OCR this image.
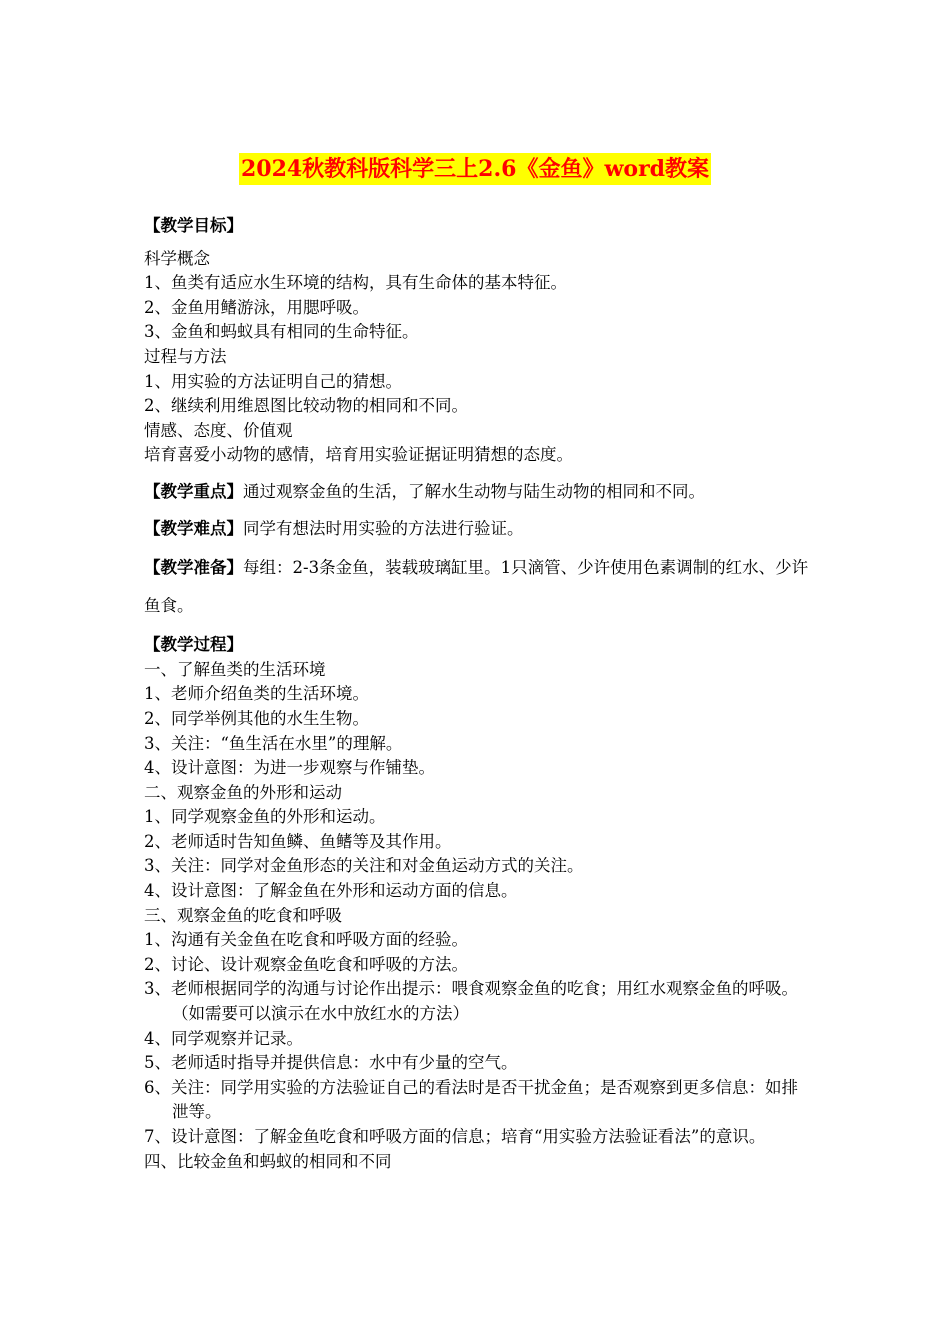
2024秋教科版科学三上2.6《金鱼》word教案
【教学目标】
科学概念
1、鱼类有适应水生环境的结构，具有生命体的基本特征。
2、金鱼用鳍游泳，用腮呼吸。
3、金鱼和蚂蚁具有相同的生命特征。
过程与方法
1、用实验的方法证明自己的猜想。
2、继续利用维恩图比较动物的相同和不同。
情感、态度、价值观
培育喜爱小动物的感情，培育用实验证据证明猜想的态度。
【教学重点】通过观察金鱼的生活，了解水生动物与陆生动物的相同和不同。
【教学难点】同学有想法时用实验的方法进行验证。
【教学准备】每组：2-3条金鱼，装载玻璃缸里。1只滴管、少许使用色素调制的红水、少许鱼食。
【教学过程】
一、了解鱼类的生活环境
1、老师介绍鱼类的生活环境。
2、同学举例其他的水生生物。
3、关注：“鱼生活在水里”的理解。
4、设计意图：为进一步观察与作铺垫。
二、观察金鱼的外形和运动
1、同学观察金鱼的外形和运动。
2、老师适时告知鱼鳞、鱼鳍等及其作用。
3、关注：同学对金鱼形态的关注和对金鱼运动方式的关注。
4、设计意图：了解金鱼在外形和运动方面的信息。
三、观察金鱼的吃食和呼吸
1、沟通有关金鱼在吃食和呼吸方面的经验。
2、讨论、设计观察金鱼吃食和呼吸的方法。
3、老师根据同学的沟通与讨论作出提示：喂食观察金鱼的吃食；用红水观察金鱼的呼吸。（如需要可以演示在水中放红水的方法）
4、同学观察并记录。
5、老师适时指导并提供信息：水中有少量的空气。
6、关注：同学用实验的方法验证自己的看法时是否干扰金鱼；是否观察到更多信息：如排泄等。
7、设计意图：了解金鱼吃食和呼吸方面的信息；培育“用实验方法验证看法”的意识。
四、比较金鱼和蚂蚁的相同和不同
